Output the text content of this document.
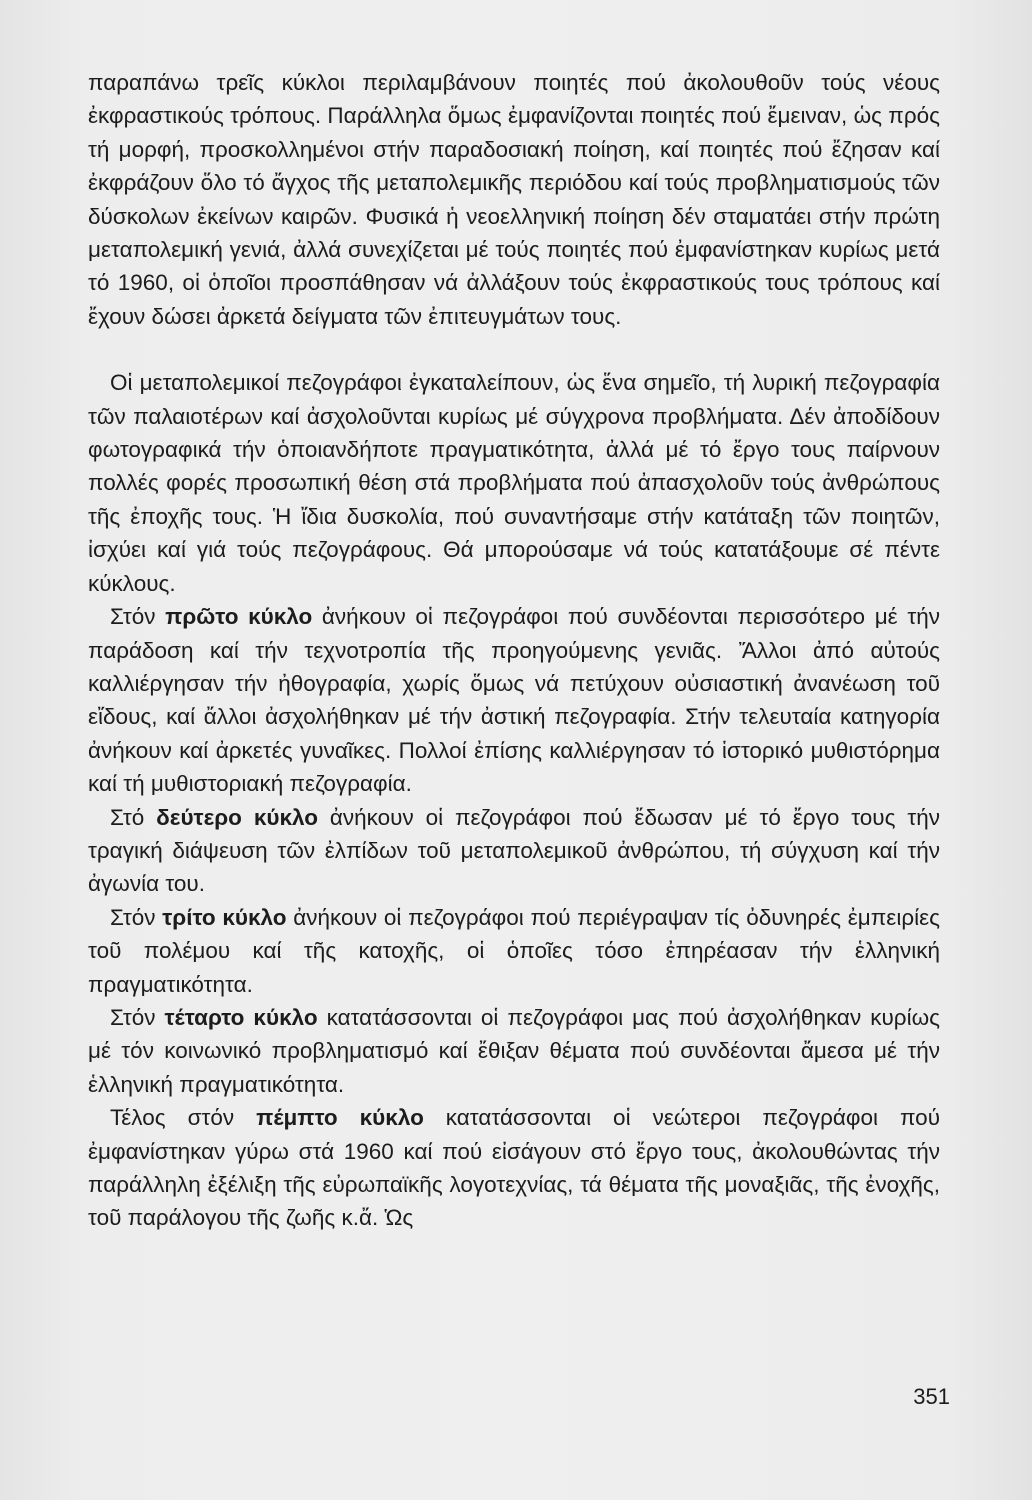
παραπάνω τρεῖς κύκλοι περιλαμβάνουν ποιητές πού ἀκολουθοῦν τούς νέους ἐκφραστικούς τρόπους. Παράλληλα ὅμως ἐμφανίζονται ποιητές πού ἔμειναν, ὡς πρός τή μορφή, προσκολλημένοι στήν παραδοσιακή ποίηση, καί ποιητές πού ἔζησαν καί ἐκφράζουν ὅλο τό ἄγχος τῆς μεταπολεμικῆς περιόδου καί τούς προβληματισμούς τῶν δύσκολων ἐκείνων καιρῶν. Φυσικά ἡ νεοελληνική ποίηση δέν σταματάει στήν πρώτη μεταπολεμική γενιά, ἀλλά συνεχίζεται μέ τούς ποιητές πού ἐμφανίστηκαν κυρίως μετά τό 1960, οἱ ὁποῖοι προσπάθησαν νά ἀλλάξουν τούς ἐκφραστικούς τους τρόπους καί ἔχουν δώσει ἀρκετά δείγματα τῶν ἐπιτευγμάτων τους.

Οἱ μεταπολεμικοί πεζογράφοι ἐγκαταλείπουν, ὡς ἕνα σημεῖο, τή λυρική πεζογραφία τῶν παλαιοτέρων καί ἀσχολοῦνται κυρίως μέ σύγχρονα προβλήματα. Δέν ἀποδίδουν φωτογραφικά τήν ὁποιανδήποτε πραγματικότητα, ἀλλά μέ τό ἔργο τους παίρνουν πολλές φορές προσωπική θέση στά προβλήματα πού ἀπασχολοῦν τούς ἀνθρώπους τῆς ἐποχῆς τους. Ἡ ἴδια δυσκολία, πού συναντήσαμε στήν κατάταξη τῶν ποιητῶν, ἰσχύει καί γιά τούς πεζογράφους. Θά μπορούσαμε νά τούς κατατάξουμε σέ πέντε κύκλους.

Στόν πρῶτο κύκλο ἀνήκουν οἱ πεζογράφοι πού συνδέονται περισσότερο μέ τήν παράδοση καί τήν τεχνοτροπία τῆς προηγούμενης γενιᾶς. Ἄλλοι ἀπό αὐτούς καλλιέργησαν τήν ἠθογραφία, χωρίς ὅμως νά πετύχουν οὐσιαστική ἀνανέωση τοῦ εἴδους, καί ἄλλοι ἀσχολήθηκαν μέ τήν ἀστική πεζογραφία. Στήν τελευταία κατηγορία ἀνήκουν καί ἀρκετές γυναῖκες. Πολλοί ἐπίσης καλλιέργησαν τό ἱστορικό μυθιστόρημα καί τή μυθιστοριακή πεζογραφία.

Στό δεύτερο κύκλο ἀνήκουν οἱ πεζογράφοι πού ἔδωσαν μέ τό ἔργο τους τήν τραγική διάψευση τῶν ἐλπίδων τοῦ μεταπολεμικοῦ ἀνθρώπου, τή σύγχυση καί τήν ἀγωνία του.

Στόν τρίτο κύκλο ἀνήκουν οἱ πεζογράφοι πού περιέγραψαν τίς ὀδυνηρές ἐμπειρίες τοῦ πολέμου καί τῆς κατοχῆς, οἱ ὁποῖες τόσο ἐπηρέασαν τήν ἑλληνική πραγματικότητα.

Στόν τέταρτο κύκλο κατατάσσονται οἱ πεζογράφοι μας πού ἀσχολήθηκαν κυρίως μέ τόν κοινωνικό προβληματισμό καί ἔθιξαν θέματα πού συνδέονται ἄμεσα μέ τήν ἑλληνική πραγματικότητα.

Τέλος στόν πέμπτο κύκλο κατατάσσονται οἱ νεώτεροι πεζογράφοι πού ἐμφανίστηκαν γύρω στά 1960 καί πού εἰσάγουν στό ἔργο τους, ἀκολουθώντας τήν παράλληλη ἐξέλιξη τῆς εὐρωπαϊκῆς λογοτεχνίας, τά θέματα τῆς μοναξιᾶς, τῆς ἐνοχῆς, τοῦ παράλογου τῆς ζωῆς κ.ἄ. Ὡς

351
